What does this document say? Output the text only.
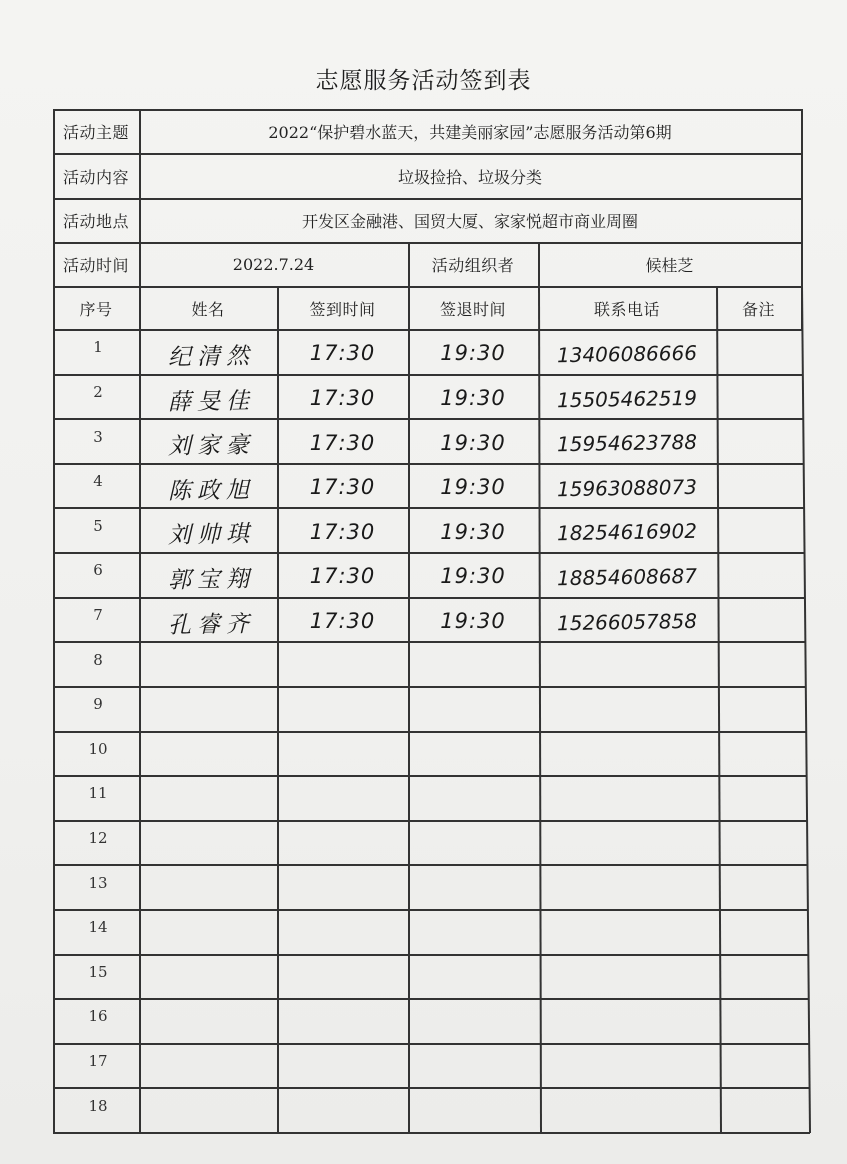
志愿服务活动签到表
活动主题	2022“保护碧水蓝天，共建美丽家园”志愿服务活动第6期
活动内容	垃圾捡拾、垃圾分类
活动地点	开发区金融港、国贸大厦、家家悦超市商业周圈
活动时间	2022.7.24	活动组织者	候桂芝
序号	姓名	签到时间	签退时间	联系电话	备注
1	纪清然	17:30	19:30	13406086666
2	薛旻佳	17:30	19:30	15505462519
3	刘家豪	17:30	19:30	15954623788
4	陈政旭	17:30	19:30	15963088073
5	刘帅琪	17:30	19:30	18254616902
6	郭宝翔	17:30	19:30	18854608687
7	孔睿齐	17:30	19:30	15266057858
8
9
10
11
12
13
14
15
16
17
18
